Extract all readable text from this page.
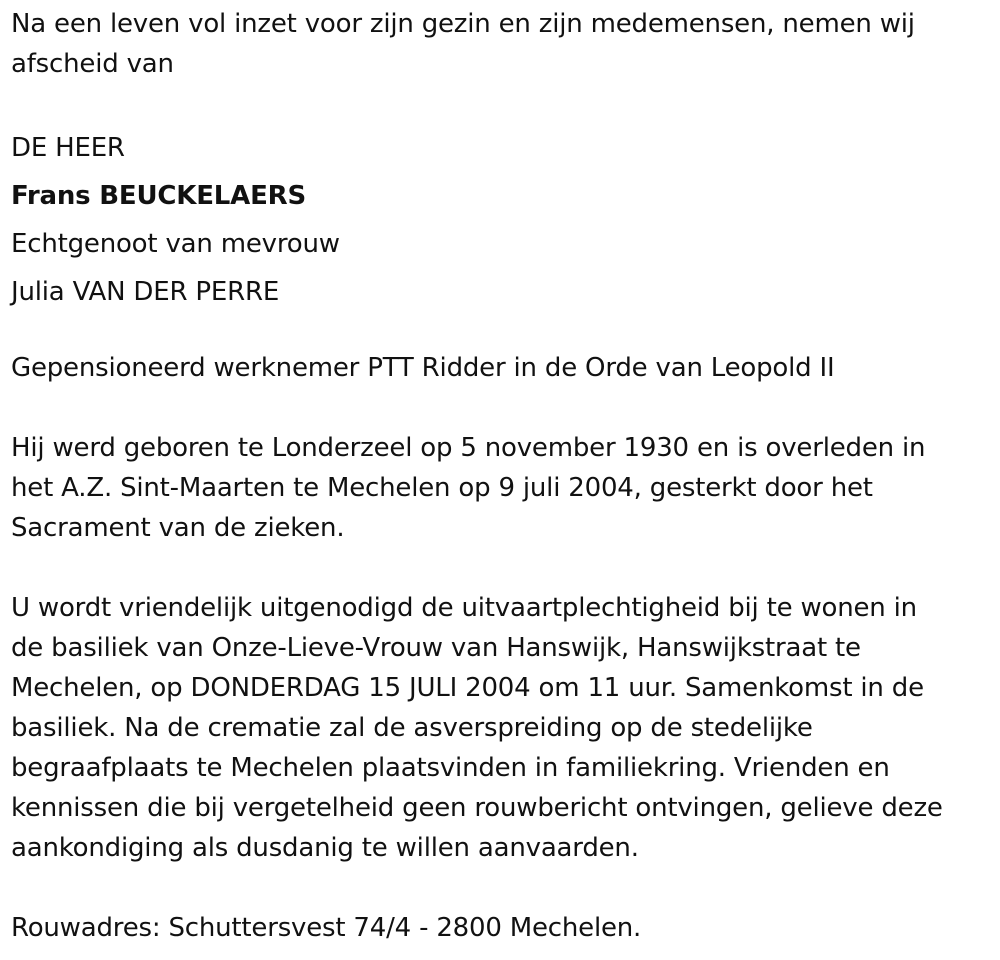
Na een leven vol inzet voor zijn gezin en zijn medemensen, nemen wij
afscheid van

DE HEER

Frans BEUCKELAERS

Echtgenoot van mevrouw

Julia VAN DER PERRE

Gepensioneerd werknemer PTT Ridder in de Orde van Leopold II

Hij werd geboren te Londerzeel op 5 november 1930 en is overleden in
het A.Z. Sint-Maarten te Mechelen op 9 juli 2004, gesterkt door het
Sacrament van de zieken.

U wordt vriendelijk uitgenodigd de uitvaartplechtigheid bij te wonen in
de basiliek van Onze-Lieve-Vrouw van Hanswijk, Hanswijkstraat te
Mechelen, op DONDERDAG 15 JULI 2004 om 11 uur. Samenkomst in de
basiliek. Na de crematie zal de asverspreiding op de stedelijke
begraafplaats te Mechelen plaatsvinden in familiekring. Vrienden en
kennissen die bij vergetelheid geen rouwbericht ontvingen, gelieve deze
aankondiging als dusdanig te willen aanvaarden.

Rouwadres: Schuttersvest 74/4 - 2800 Mechelen.
